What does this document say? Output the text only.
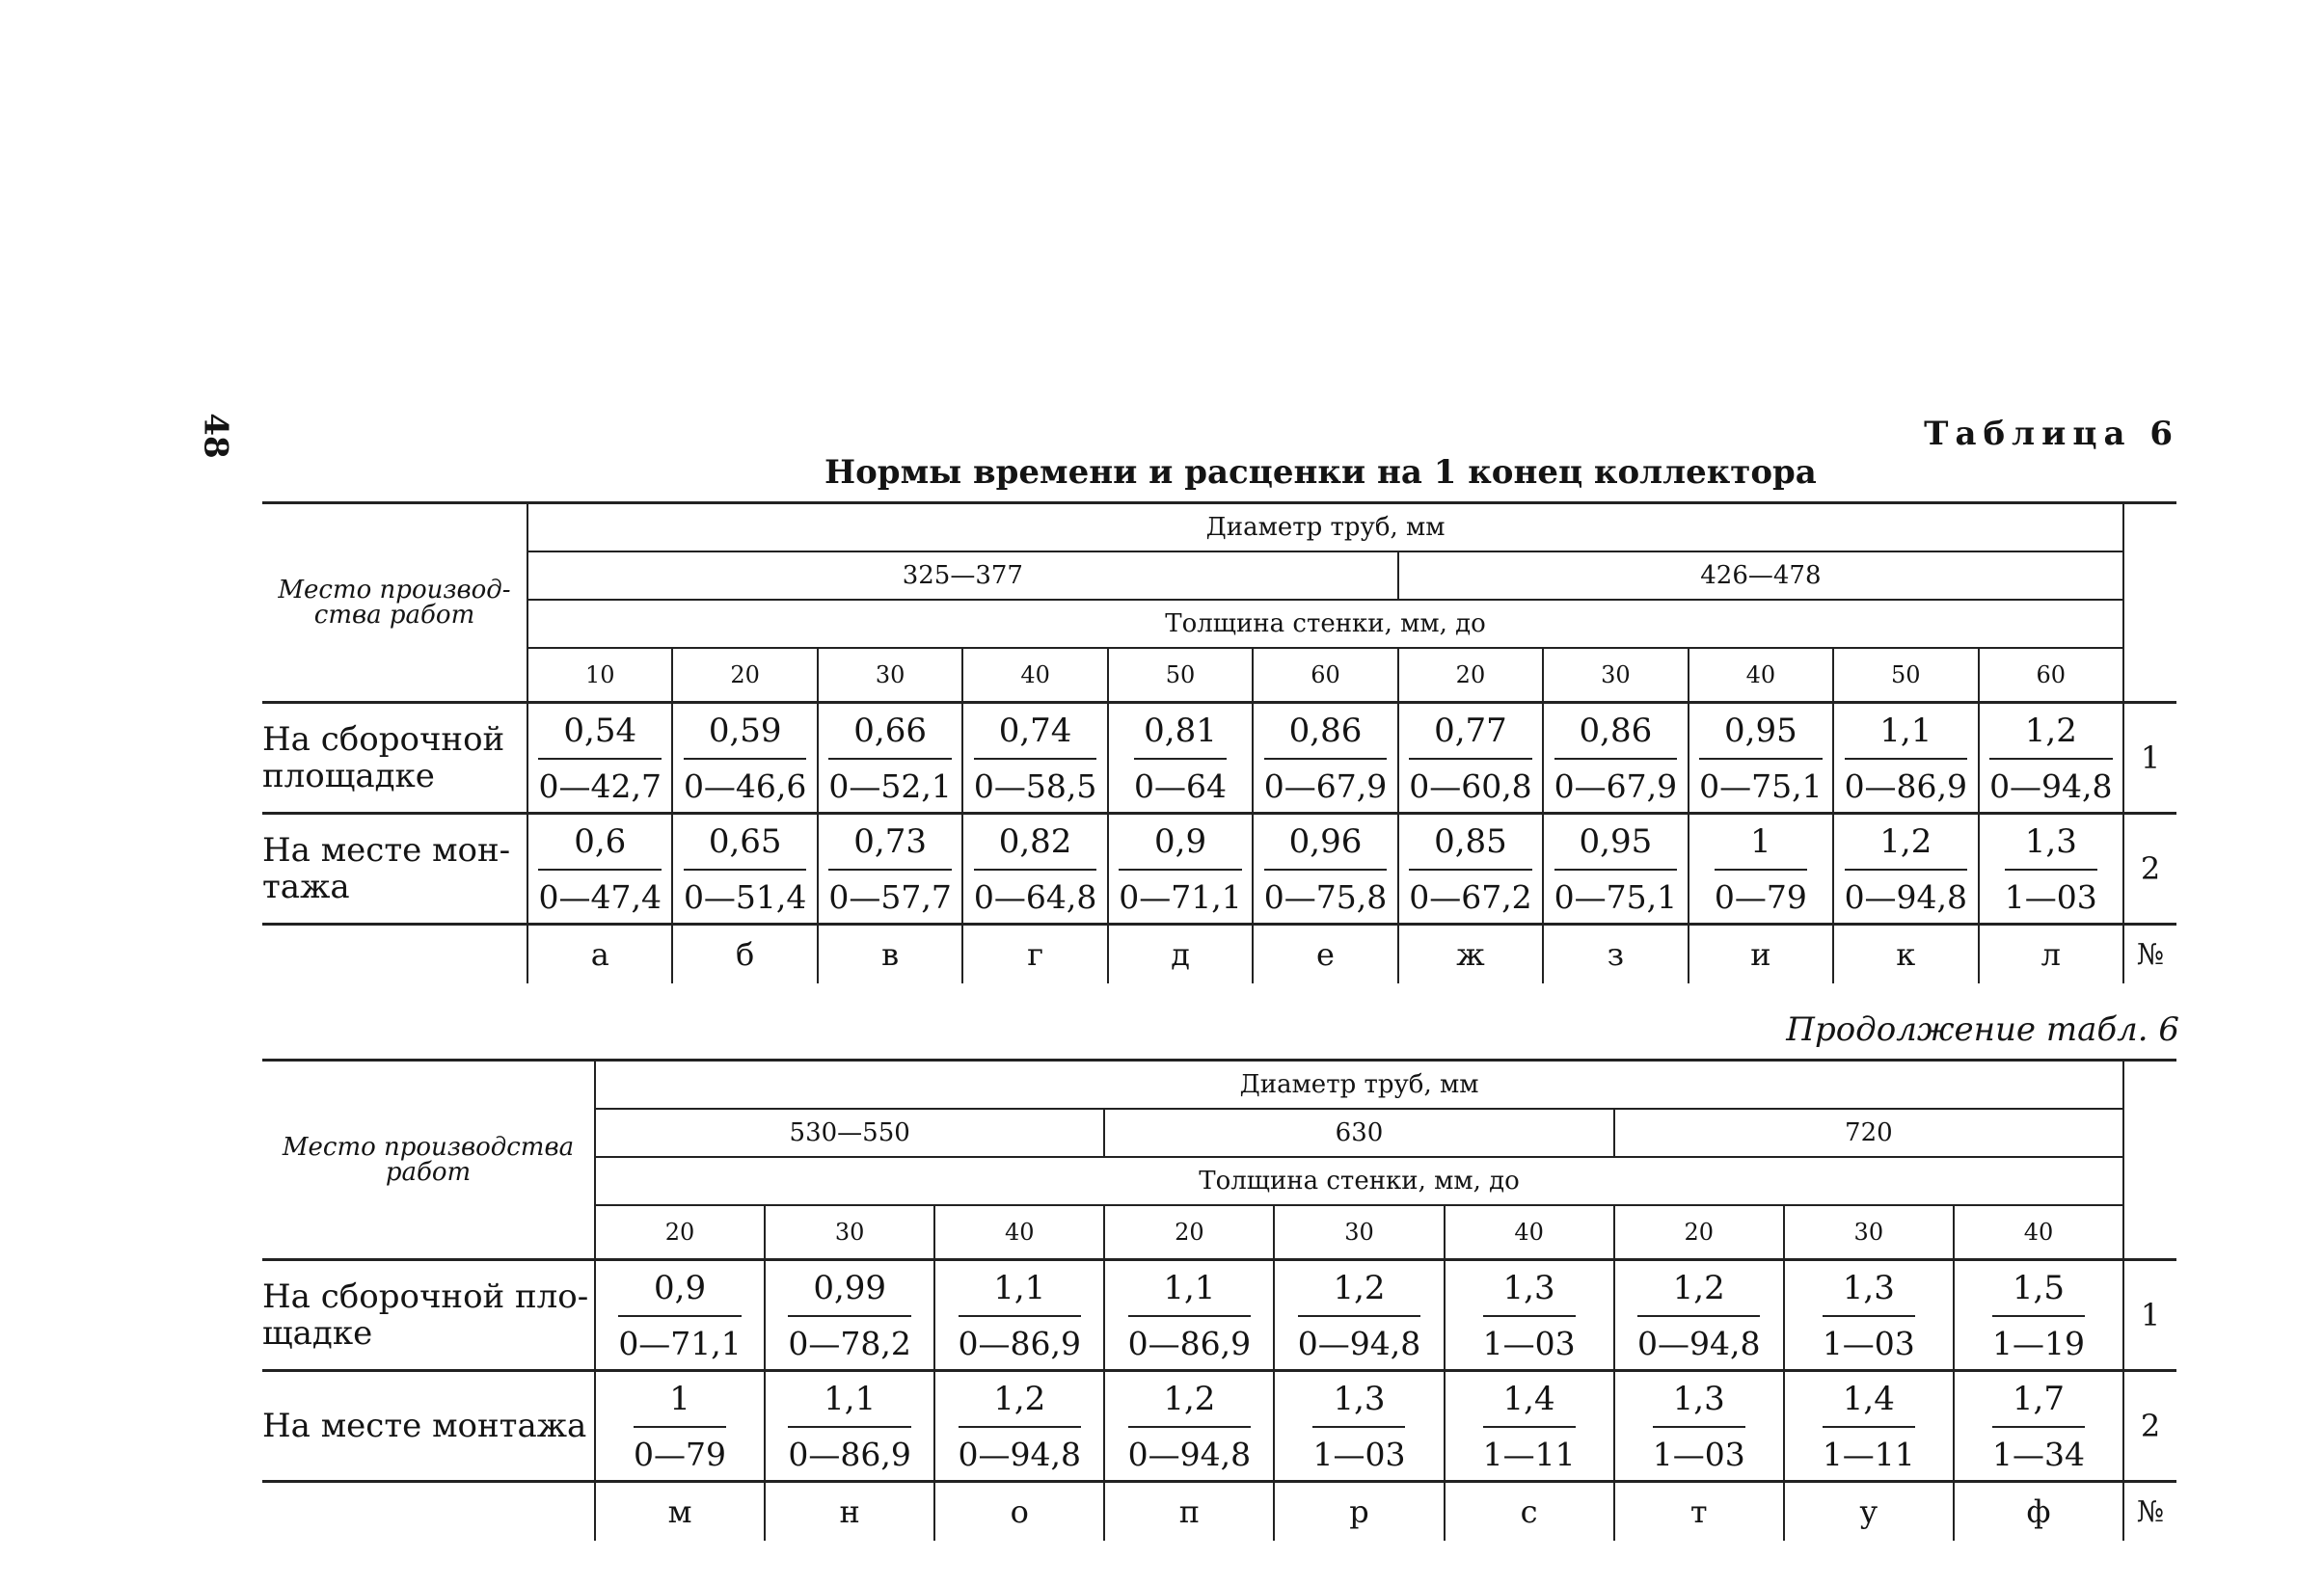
48	Таблица 6
Нормы времени и расценки на 1 конец коллектора
Место производ-ства работ	Диаметр труб, мм											
	325—377						426—478					
	Толщина стенки, мм, до											
	10	20	30	40	50	60	20	30	40	50	60	
На сборочной площадке	$\frac{0,54}{0—42,7}$	$\frac{0,59}{0—46,6}$	$\frac{0,66}{0—52,1}$	$\frac{0,74}{0—58,5}$	$\frac{0,81}{0—64}$	$\frac{0,86}{0—67,9}$	$\frac{0,77}{0—60,8}$	$\frac{0,86}{0—67,9}$	$\frac{0,95}{0—75,1}$	$\frac{1,1}{0—86,9}$	$\frac{1,2}{0—94,8}$	1
На месте мон-тажа	$\frac{0,6}{0—47,4}$	$\frac{0,65}{0—51,4}$	$\frac{0,73}{0—57,7}$	$\frac{0,82}{0—64,8}$	$\frac{0,9}{0—71,1}$	$\frac{0,96}{0—75,8}$	$\frac{0,85}{0—67,2}$	$\frac{0,95}{0—75,1}$	$\frac{1}{0—79}$	$\frac{1,2}{0—94,8}$	$\frac{1,3}{1—03}$	2
	а	б	в	г	д	е	ж	з	и	к	л	№
Продолжение табл. 6
Место производства работ	Диаметр труб, мм									
	530—550			630			720			
	Толщина стенки, мм, до									
	20	30	40	20	30	40	20	30	40	
На сборочной пло-щадке	$\frac{0,9}{0—71,1}$	$\frac{0,99}{0—78,2}$	$\frac{1,1}{0—86,9}$	$\frac{1,1}{0—86,9}$	$\frac{1,2}{0—94,8}$	$\frac{1,3}{1—03}$	$\frac{1,2}{0—94,8}$	$\frac{1,3}{1—03}$	$\frac{1,5}{1—19}$	1
На месте монтажа	$\frac{1}{0—79}$	$\frac{1,1}{0—86,9}$	$\frac{1,2}{0—94,8}$	$\frac{1,2}{0—94,8}$	$\frac{1,3}{1—03}$	$\frac{1,4}{1—11}$	$\frac{1,3}{1—03}$	$\frac{1,4}{1—11}$	$\frac{1,7}{1—34}$	2
	м	н	о	п	р	с	т	у	ф	№
